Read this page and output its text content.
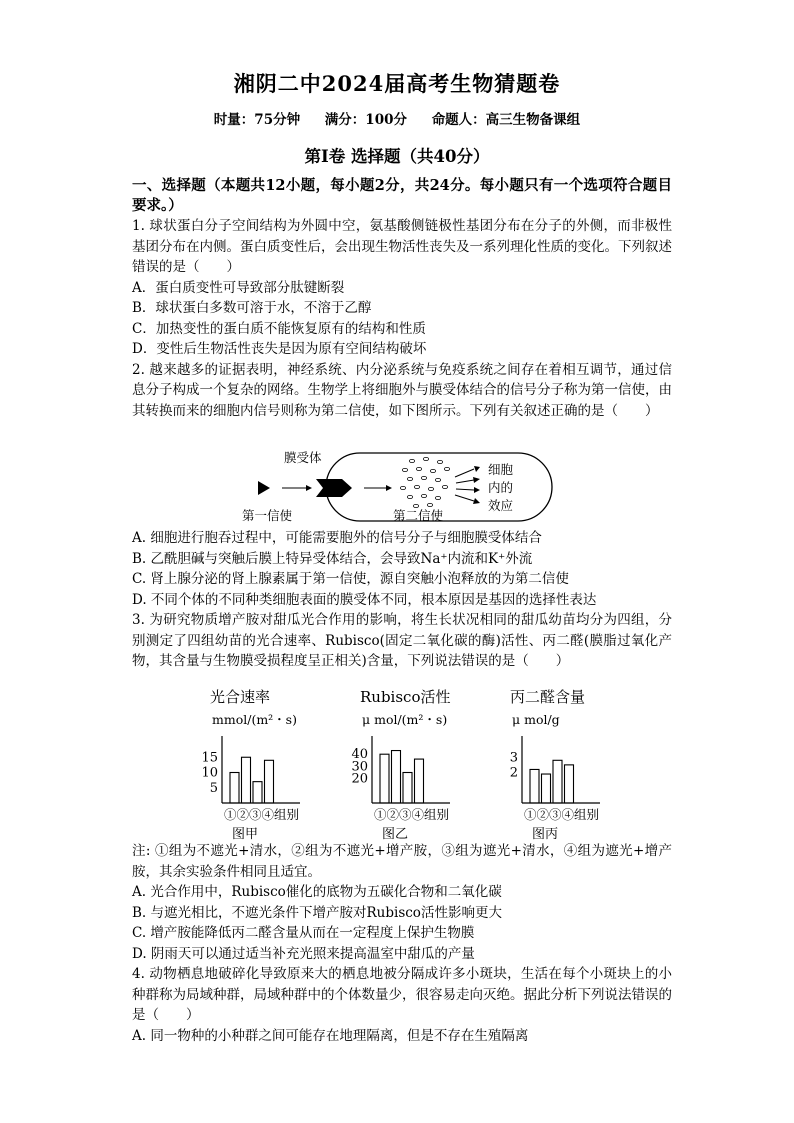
湘阴二中2024届高考生物猜题卷
时量：75分钟 满分：100分 命题人：高三生物备课组
第I卷 选择题（共40分）

一、选择题（本题共12小题，每小题2分，共24分。每小题只有一个选项符合题目要求。）

1. 球状蛋白分子空间结构为外圆中空，氨基酸侧链极性基团分布在分子的外侧，而非极性基团分布在内侧。蛋白质变性后，会出现生物活性丧失及一系列理化性质的变化。下列叙述错误的是（　　）

A．蛋白质变性可导致部分肽键断裂

B．球状蛋白多数可溶于水，不溶于乙醇

C．加热变性的蛋白质不能恢复原有的结构和性质

D．变性后生物活性丧失是因为原有空间结构破坏

2. 越来越多的证据表明，神经系统、内分泌系统与免疫系统之间存在着相互调节，通过信息分子构成一个复杂的网络。生物学上将细胞外与膜受体结合的信号分子称为第一信使，由其转换而来的细胞内信号则称为第二信使，如下图所示。下列有关叙述正确的是（　　）

膜受体
细胞
内的
效应
第一信使	第二信使

A. 细胞进行胞吞过程中，可能需要胞外的信号分子与细胞膜受体结合

B. 乙酰胆碱与突触后膜上特异受体结合，会导致Na⁺内流和K⁺外流

C. 肾上腺分泌的肾上腺素属于第一信使，源自突触小泡释放的为第二信使

D. 不同个体的不同种类细胞表面的膜受体不同，根本原因是基因的选择性表达

3. 为研究物质增产胺对甜瓜光合作用的影响，将生长状况相同的甜瓜幼苗均分为四组，分别测定了四组幼苗的光合速率、Rubisco(固定二氧化碳的酶)活性、丙二醛(膜脂过氧化产物，其含量与生物膜受损程度呈正相关)含量，下列说法错误的是（　　）

光合速率
mmol/(m²・s)
5
10
15
①②③④组别
图甲
Rubisco活性
μ mol/(m²・s)
20
30
40
①②③④组别
图乙
丙二醛含量
μ mol/g
2
3
①②③④组别
图丙

注: ①组为不遮光+清水，②组为不遮光+增产胺，③组为遮光+清水，④组为遮光+增产胺，其余实验条件相同且适宜。

A. 光合作用中，Rubisco催化的底物为五碳化合物和二氧化碳

B. 与遮光相比，不遮光条件下增产胺对Rubisco活性影响更大

C. 增产胺能降低丙二醛含量从而在一定程度上保护生物膜

D. 阴雨天可以通过适当补充光照来提高温室中甜瓜的产量

4. 动物栖息地破碎化导致原来大的栖息地被分隔成许多小斑块，生活在每个小斑块上的小种群称为局域种群，局域种群中的个体数量少，很容易走向灭绝。据此分析下列说法错误的是（　　）

A. 同一物种的小种群之间可能存在地理隔离，但是不存在生殖隔离
